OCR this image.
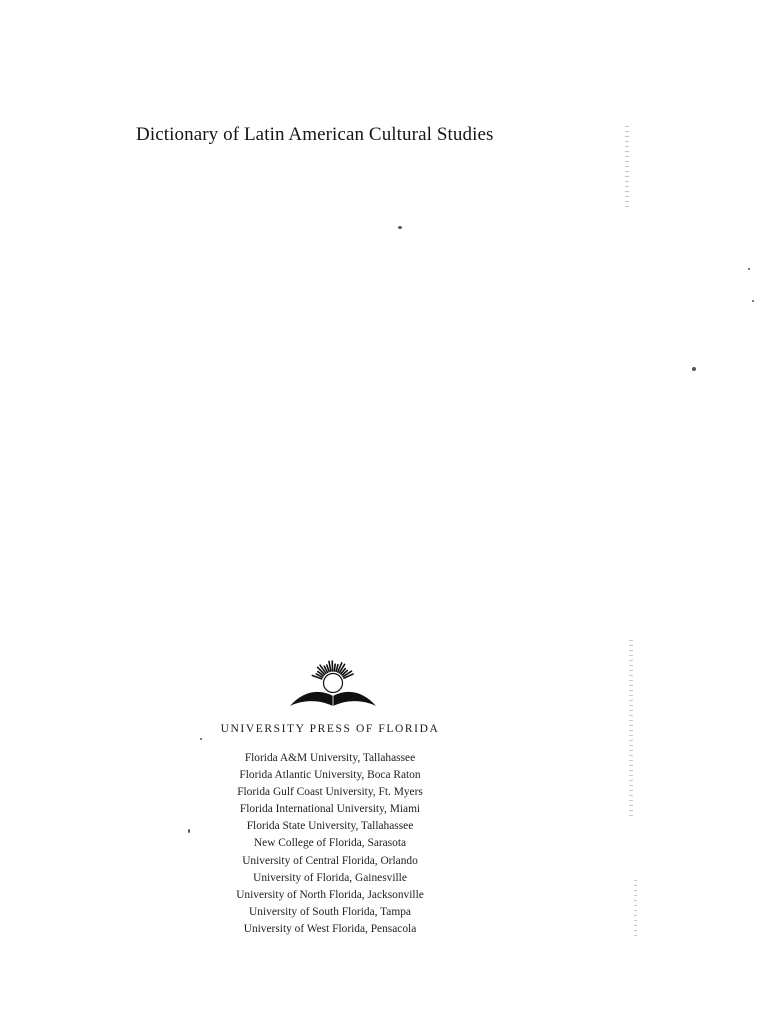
Dictionary of Latin American Cultural Studies
UNIVERSITY PRESS OF FLORIDA
Florida A&M University, Tallahassee
Florida Atlantic University, Boca Raton
Florida Gulf Coast University, Ft. Myers
Florida International University, Miami
Florida State University, Tallahassee
New College of Florida, Sarasota
University of Central Florida, Orlando
University of Florida, Gainesville
University of North Florida, Jacksonville
University of South Florida, Tampa
University of West Florida, Pensacola
